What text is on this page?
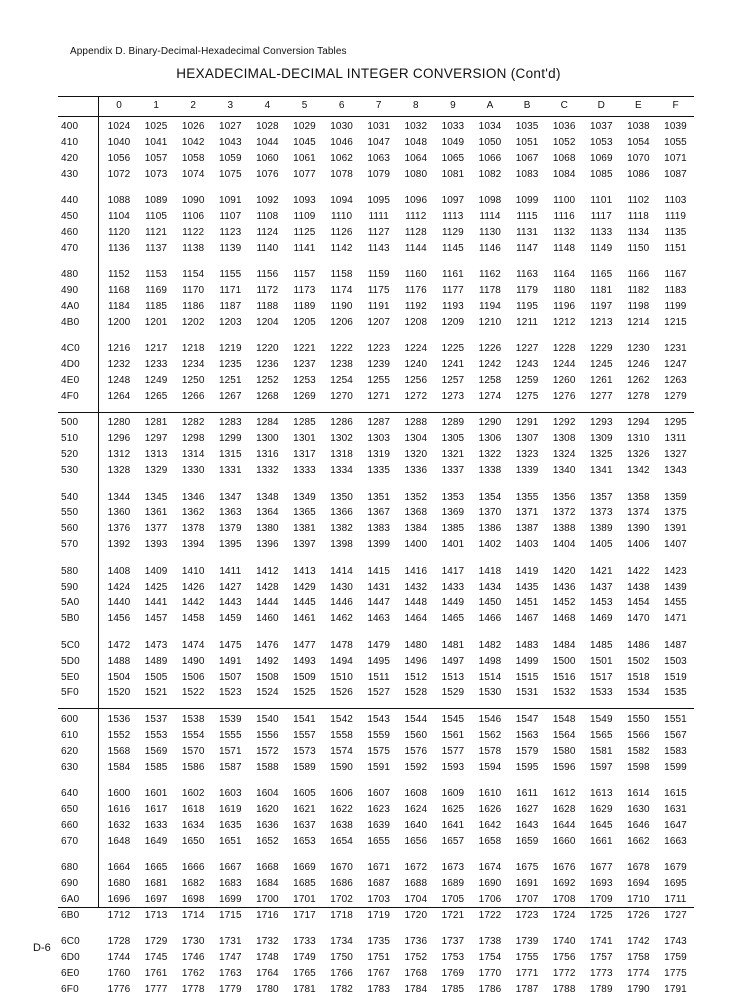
Appendix D. Binary-Decimal-Hexadecimal Conversion Tables
HEXADECIMAL-DECIMAL INTEGER CONVERSION (Cont'd)
0	1	2	3	4	5	6	7	8	9	A	B	C	D	E	F
400	1024	1025	1026	1027	1028	1029	1030	1031	1032	1033	1034	1035	1036	1037	1038	1039
410	1040	1041	1042	1043	1044	1045	1046	1047	1048	1049	1050	1051	1052	1053	1054	1055
420	1056	1057	1058	1059	1060	1061	1062	1063	1064	1065	1066	1067	1068	1069	1070	1071
430	1072	1073	1074	1075	1076	1077	1078	1079	1080	1081	1082	1083	1084	1085	1086	1087
440	1088	1089	1090	1091	1092	1093	1094	1095	1096	1097	1098	1099	1100	1101	1102	1103
450	1104	1105	1106	1107	1108	1109	1110	1111	1112	1113	1114	1115	1116	1117	1118	1119
460	1120	1121	1122	1123	1124	1125	1126	1127	1128	1129	1130	1131	1132	1133	1134	1135
470	1136	1137	1138	1139	1140	1141	1142	1143	1144	1145	1146	1147	1148	1149	1150	1151
480	1152	1153	1154	1155	1156	1157	1158	1159	1160	1161	1162	1163	1164	1165	1166	1167
490	1168	1169	1170	1171	1172	1173	1174	1175	1176	1177	1178	1179	1180	1181	1182	1183
4A0	1184	1185	1186	1187	1188	1189	1190	1191	1192	1193	1194	1195	1196	1197	1198	1199
4B0	1200	1201	1202	1203	1204	1205	1206	1207	1208	1209	1210	1211	1212	1213	1214	1215
4C0	1216	1217	1218	1219	1220	1221	1222	1223	1224	1225	1226	1227	1228	1229	1230	1231
4D0	1232	1233	1234	1235	1236	1237	1238	1239	1240	1241	1242	1243	1244	1245	1246	1247
4E0	1248	1249	1250	1251	1252	1253	1254	1255	1256	1257	1258	1259	1260	1261	1262	1263
4F0	1264	1265	1266	1267	1268	1269	1270	1271	1272	1273	1274	1275	1276	1277	1278	1279
500	1280	1281	1282	1283	1284	1285	1286	1287	1288	1289	1290	1291	1292	1293	1294	1295
510	1296	1297	1298	1299	1300	1301	1302	1303	1304	1305	1306	1307	1308	1309	1310	1311
520	1312	1313	1314	1315	1316	1317	1318	1319	1320	1321	1322	1323	1324	1325	1326	1327
530	1328	1329	1330	1331	1332	1333	1334	1335	1336	1337	1338	1339	1340	1341	1342	1343
540	1344	1345	1346	1347	1348	1349	1350	1351	1352	1353	1354	1355	1356	1357	1358	1359
550	1360	1361	1362	1363	1364	1365	1366	1367	1368	1369	1370	1371	1372	1373	1374	1375
560	1376	1377	1378	1379	1380	1381	1382	1383	1384	1385	1386	1387	1388	1389	1390	1391
570	1392	1393	1394	1395	1396	1397	1398	1399	1400	1401	1402	1403	1404	1405	1406	1407
580	1408	1409	1410	1411	1412	1413	1414	1415	1416	1417	1418	1419	1420	1421	1422	1423
590	1424	1425	1426	1427	1428	1429	1430	1431	1432	1433	1434	1435	1436	1437	1438	1439
5A0	1440	1441	1442	1443	1444	1445	1446	1447	1448	1449	1450	1451	1452	1453	1454	1455
5B0	1456	1457	1458	1459	1460	1461	1462	1463	1464	1465	1466	1467	1468	1469	1470	1471
5C0	1472	1473	1474	1475	1476	1477	1478	1479	1480	1481	1482	1483	1484	1485	1486	1487
5D0	1488	1489	1490	1491	1492	1493	1494	1495	1496	1497	1498	1499	1500	1501	1502	1503
5E0	1504	1505	1506	1507	1508	1509	1510	1511	1512	1513	1514	1515	1516	1517	1518	1519
5F0	1520	1521	1522	1523	1524	1525	1526	1527	1528	1529	1530	1531	1532	1533	1534	1535
600	1536	1537	1538	1539	1540	1541	1542	1543	1544	1545	1546	1547	1548	1549	1550	1551
610	1552	1553	1554	1555	1556	1557	1558	1559	1560	1561	1562	1563	1564	1565	1566	1567
620	1568	1569	1570	1571	1572	1573	1574	1575	1576	1577	1578	1579	1580	1581	1582	1583
630	1584	1585	1586	1587	1588	1589	1590	1591	1592	1593	1594	1595	1596	1597	1598	1599
640	1600	1601	1602	1603	1604	1605	1606	1607	1608	1609	1610	1611	1612	1613	1614	1615
650	1616	1617	1618	1619	1620	1621	1622	1623	1624	1625	1626	1627	1628	1629	1630	1631
660	1632	1633	1634	1635	1636	1637	1638	1639	1640	1641	1642	1643	1644	1645	1646	1647
670	1648	1649	1650	1651	1652	1653	1654	1655	1656	1657	1658	1659	1660	1661	1662	1663
680	1664	1665	1666	1667	1668	1669	1670	1671	1672	1673	1674	1675	1676	1677	1678	1679
690	1680	1681	1682	1683	1684	1685	1686	1687	1688	1689	1690	1691	1692	1693	1694	1695
6A0	1696	1697	1698	1699	1700	1701	1702	1703	1704	1705	1706	1707	1708	1709	1710	1711
6B0	1712	1713	1714	1715	1716	1717	1718	1719	1720	1721	1722	1723	1724	1725	1726	1727
6C0	1728	1729	1730	1731	1732	1733	1734	1735	1736	1737	1738	1739	1740	1741	1742	1743
6D0	1744	1745	1746	1747	1748	1749	1750	1751	1752	1753	1754	1755	1756	1757	1758	1759
6E0	1760	1761	1762	1763	1764	1765	1766	1767	1768	1769	1770	1771	1772	1773	1774	1775
6F0	1776	1777	1778	1779	1780	1781	1782	1783	1784	1785	1786	1787	1788	1789	1790	1791
D-6
